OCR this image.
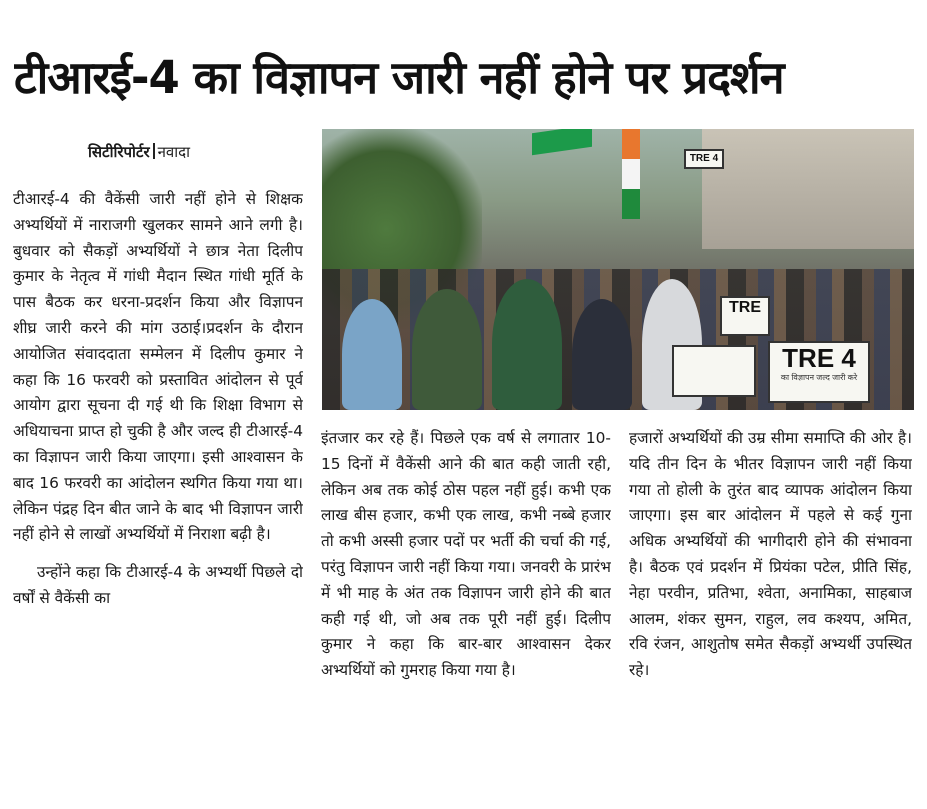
टीआरई-4 का विज्ञापन जारी नहीं होने पर प्रदर्शन
सिटीरिपोर्टर नवादा

टीआरई-4 की वैकेंसी जारी नहीं होने से शिक्षक अभ्यर्थियों में नाराजगी खुलकर सामने आने लगी है। बुधवार को सैकड़ों अभ्यर्थियों ने छात्र नेता दिलीप कुमार के नेतृत्व में गांधी मैदान स्थित गांधी मूर्ति के पास बैठक कर धरना-प्रदर्शन किया और विज्ञापन शीघ्र जारी करने की मांग उठाई।प्रदर्शन के दौरान आयोजित संवाददाता सम्मेलन में दिलीप कुमार ने कहा कि 16 फरवरी को प्रस्तावित आंदोलन से पूर्व आयोग द्वारा सूचना दी गई थी कि शिक्षा विभाग से अधियाचना प्राप्त हो चुकी है और जल्द ही टीआरई-4 का विज्ञापन जारी किया जाएगा। इसी आश्वासन के बाद 16 फरवरी का आंदोलन स्थगित किया गया था। लेकिन पंद्रह दिन बीत जाने के बाद भी विज्ञापन जारी नहीं होने से लाखों अभ्यर्थियों में निराशा बढ़ी है।

उन्होंने कहा कि टीआरई-4 के अभ्यर्थी पिछले दो वर्षों से वैकेंसी का

TRE 4
TRE
TRE 4
का विज्ञापन जल्द जारी करे

इंतजार कर रहे हैं। पिछले एक वर्ष से लगातार 10-15 दिनों में वैकेंसी आने की बात कही जाती रही, लेकिन अब तक कोई ठोस पहल नहीं हुई। कभी एक लाख बीस हजार, कभी एक लाख, कभी नब्बे हजार तो कभी अस्सी हजार पदों पर भर्ती की चर्चा की गई, परंतु विज्ञापन जारी नहीं किया गया। जनवरी के प्रारंभ में भी माह के अंत तक विज्ञापन जारी होने की बात कही गई थी, जो अब तक पूरी नहीं हुई। दिलीप कुमार ने कहा कि बार-बार आश्वासन देकर अभ्यर्थियों को गुमराह किया गया है।

हजारों अभ्यर्थियों की उम्र सीमा समाप्ति की ओर है। यदि तीन दिन के भीतर विज्ञापन जारी नहीं किया गया तो होली के तुरंत बाद व्यापक आंदोलन किया जाएगा। इस बार आंदोलन में पहले से कई गुना अधिक अभ्यर्थियों की भागीदारी होने की संभावना है। बैठक एवं प्रदर्शन में प्रियंका पटेल, प्रीति सिंह, नेहा परवीन, प्रतिभा, श्वेता, अनामिका, साहबाज आलम, शंकर सुमन, राहुल, लव कश्यप, अमित, रवि रंजन, आशुतोष समेत सैकड़ों अभ्यर्थी उपस्थित रहे।
